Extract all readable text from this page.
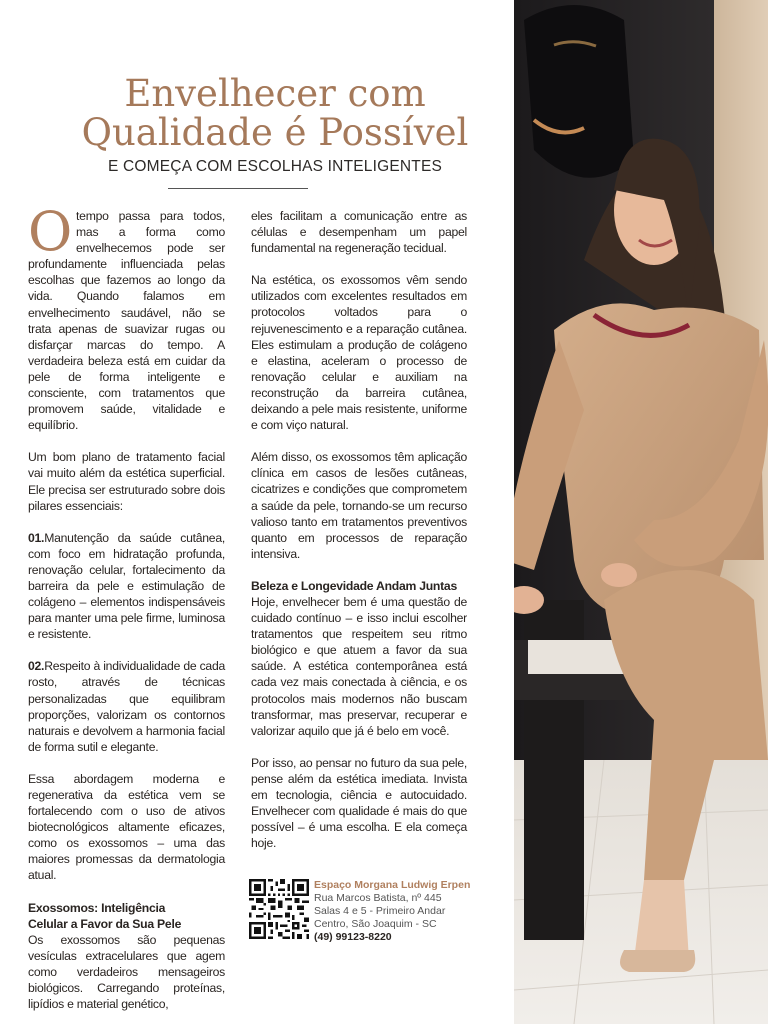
Envelhecer com
Qualidade é Possível
E COMEÇA COM ESCOLHAS INTELIGENTES

Otempo passa para todos, mas a forma como envelhecemos pode ser profundamente influenciada pelas escolhas que fazemos ao longo da vida. Quando falamos em envelhecimento saudável, não se trata apenas de suavizar rugas ou disfarçar marcas do tempo. A verdadeira beleza está em cuidar da pele de forma inteligente e consciente, com tratamentos que promovem saúde, vitalidade e equilíbrio.

Um bom plano de tratamento facial vai muito além da estética superficial. Ele precisa ser estruturado sobre dois pilares essenciais:

01.Manutenção da saúde cutânea, com foco em hidratação profunda, renovação celular, fortalecimento da barreira da pele e estimulação de colágeno – elementos indispensáveis para manter uma pele firme, luminosa e resistente.

02.Respeito à individualidade de cada rosto, através de técnicas personalizadas que equilibram proporções, valorizam os contornos naturais e devolvem a harmonia facial de forma sutil e elegante.

Essa abordagem moderna e regenerativa da estética vem se fortalecendo com o uso de ativos biotecnológicos altamente eficazes, como os exossomos – uma das maiores promessas da dermatologia atual.

Exossomos: Inteligência
Celular a Favor da Sua Pele

Os exossomos são pequenas vesículas extracelulares que agem como verdadeiros mensageiros biológicos. Carregando proteínas, lipídios e material genético,

eles facilitam a comunicação entre as células e desempenham um papel fundamental na regeneração tecidual.

Na estética, os exossomos vêm sendo utilizados com excelentes resultados em protocolos voltados para o rejuvenescimento e a reparação cutânea. Eles estimulam a produção de colágeno e elastina, aceleram o processo de renovação celular e auxiliam na reconstrução da barreira cutânea, deixando a pele mais resistente, uniforme e com viço natural.

Além disso, os exossomos têm aplicação clínica em casos de lesões cutâneas, cicatrizes e condições que comprometem a saúde da pele, tornando-se um recurso valioso tanto em tratamentos preventivos quanto em processos de reparação intensiva.

Beleza e Longevidade Andam Juntas

Hoje, envelhecer bem é uma questão de cuidado contínuo – e isso inclui escolher tratamentos que respeitem seu ritmo biológico e que atuem a favor da sua saúde. A estética contemporânea está cada vez mais conectada à ciência, e os protocolos mais modernos não buscam transformar, mas preservar, recuperar e valorizar aquilo que já é belo em você.

Por isso, ao pensar no futuro da sua pele, pense além da estética imediata. Invista em tecnologia, ciência e autocuidado. Envelhecer com qualidade é mais do que possível – é uma escolha. E ela começa hoje.

Espaço Morgana Ludwig Erpen
Rua Marcos Batista, nº 445
Salas 4 e 5 - Primeiro Andar
Centro, São Joaquim - SC
(49) 99123-8220
